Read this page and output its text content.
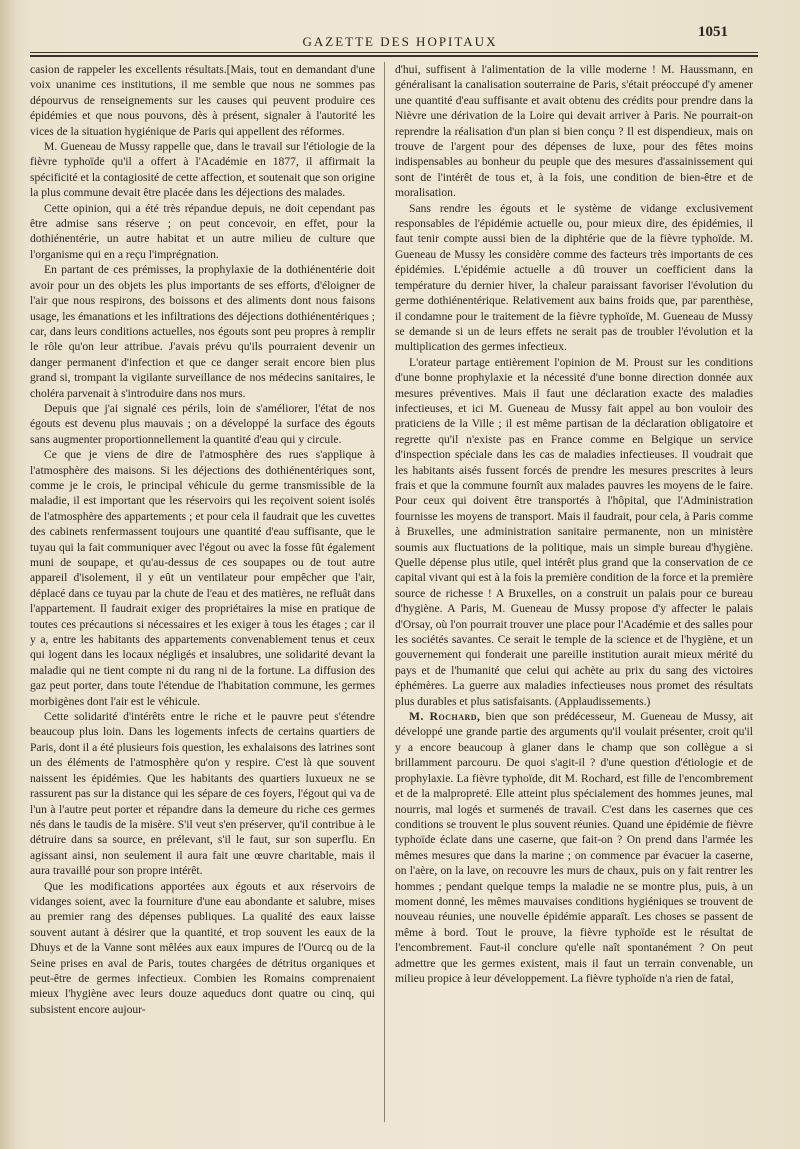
GAZETTE DES HOPITAUX
1051

casion de rappeler les excellents résultats.[Mais, tout en demandant d'une voix unanime ces institutions, il me semble que nous ne sommes pas dépourvus de renseignements sur les causes qui peuvent produire ces épidémies et que nous pouvons, dès à présent, signaler à l'autorité les vices de la situation hygiénique de Paris qui appellent des réformes.

M. Gueneau de Mussy rappelle que, dans le travail sur l'étiologie de la fièvre typhoïde qu'il a offert à l'Académie en 1877, il affirmait la spécificité et la contagiosité de cette affection, et soutenait que son origine la plus commune devait être placée dans les déjections des malades.

Cette opinion, qui a été très répandue depuis, ne doit cependant pas être admise sans réserve ; on peut concevoir, en effet, pour la dothiénentérie, un autre habitat et un autre milieu de culture que l'organisme qui en a reçu l'imprégnation.

En partant de ces prémisses, la prophylaxie de la dothiénentérie doit avoir pour un des objets les plus importants de ses efforts, d'éloigner de l'air que nous respirons, des boissons et des aliments dont nous faisons usage, les émanations et les infiltrations des déjections dothiénentériques ; car, dans leurs conditions actuelles, nos égouts sont peu propres à remplir le rôle qu'on leur attribue. J'avais prévu qu'ils pourraient devenir un danger permanent d'infection et que ce danger serait encore bien plus grand si, trompant la vigilante surveillance de nos médecins sanitaires, le choléra parvenait à s'introduire dans nos murs.

Depuis que j'ai signalé ces périls, loin de s'améliorer, l'état de nos égouts est devenu plus mauvais ; on a développé la surface des égouts sans augmenter proportionnellement la quantité d'eau qui y circule.

Ce que je viens de dire de l'atmosphère des rues s'applique à l'atmosphère des maisons. Si les déjections des dothiénentériques sont, comme je le crois, le principal véhicule du germe transmissible de la maladie, il est important que les réservoirs qui les reçoivent soient isolés de l'atmosphère des appartements ; et pour cela il faudrait que les cuvettes des cabinets renfermassent toujours une quantité d'eau suffisante, que le tuyau qui la fait communiquer avec l'égout ou avec la fosse fût également muni de soupape, et qu'au-dessus de ces soupapes ou de tout autre appareil d'isolement, il y eût un ventilateur pour empêcher que l'air, déplacé dans ce tuyau par la chute de l'eau et des matières, ne refluât dans l'appartement. Il faudrait exiger des propriétaires la mise en pratique de toutes ces précautions si nécessaires et les exiger à tous les étages ; car il y a, entre les habitants des appartements convenablement tenus et ceux qui logent dans les locaux négligés et insalubres, une solidarité devant la maladie qui ne tient compte ni du rang ni de la fortune. La diffusion des gaz peut porter, dans toute l'étendue de l'habitation commune, les germes morbigènes dont l'air est le véhicule.

Cette solidarité d'intérêts entre le riche et le pauvre peut s'étendre beaucoup plus loin. Dans les logements infects de certains quartiers de Paris, dont il a été plusieurs fois question, les exhalaisons des latrines sont un des éléments de l'atmosphère qu'on y respire. C'est là que souvent naissent les épidémies. Que les habitants des quartiers luxueux ne se rassurent pas sur la distance qui les sépare de ces foyers, l'égout qui va de l'un à l'autre peut porter et répandre dans la demeure du riche ces germes nés dans le taudis de la misère. S'il veut s'en préserver, qu'il contribue à le détruire dans sa source, en prélevant, s'il le faut, sur son superflu. En agissant ainsi, non seulement il aura fait une œuvre charitable, mais il aura travaillé pour son propre intérêt.

Que les modifications apportées aux égouts et aux réservoirs de vidanges soient, avec la fourniture d'une eau abondante et salubre, mises au premier rang des dépenses publiques. La qualité des eaux laisse souvent autant à désirer que la quantité, et trop souvent les eaux de la Dhuys et de la Vanne sont mêlées aux eaux impures de l'Ourcq ou de la Seine prises en aval de Paris, toutes chargées de détritus organiques et peut-être de germes infectieux. Combien les Romains comprenaient mieux l'hygiène avec leurs douze aqueducs dont quatre ou cinq, qui subsistent encore aujour-

d'hui, suffisent à l'alimentation de la ville moderne ! M. Haussmann, en généralisant la canalisation souterraine de Paris, s'était préoccupé d'y amener une quantité d'eau suffisante et avait obtenu des crédits pour prendre dans la Nièvre une dérivation de la Loire qui devait arriver à Paris. Ne pourrait-on reprendre la réalisation d'un plan si bien conçu ? Il est dispendieux, mais on trouve de l'argent pour des dépenses de luxe, pour des fêtes moins indispensables au bonheur du peuple que des mesures d'assainissement qui sont de l'intérêt de tous et, à la fois, une condition de bien-être et de moralisation.

Sans rendre les égouts et le système de vidange exclusivement responsables de l'épidémie actuelle ou, pour mieux dire, des épidémies, il faut tenir compte aussi bien de la diphtérie que de la fièvre typhoïde. M. Gueneau de Mussy les considère comme des facteurs très importants de ces épidémies. L'épidémie actuelle a dû trouver un coefficient dans la température du dernier hiver, la chaleur paraissant favoriser l'évolution du germe dothiénentérique. Relativement aux bains froids que, par parenthèse, il condamne pour le traitement de la fièvre typhoïde, M. Gueneau de Mussy se demande si un de leurs effets ne serait pas de troubler l'évolution et la multiplication des germes infectieux.

L'orateur partage entièrement l'opinion de M. Proust sur les conditions d'une bonne prophylaxie et la nécessité d'une bonne direction donnée aux mesures préventives. Mais il faut une déclaration exacte des maladies infectieuses, et ici M. Gueneau de Mussy fait appel au bon vouloir des praticiens de la Ville ; il est même partisan de la déclaration obligatoire et regrette qu'il n'existe pas en France comme en Belgique un service d'inspection spéciale dans les cas de maladies infectieuses. Il voudrait que les habitants aisés fussent forcés de prendre les mesures prescrites à leurs frais et que la commune fournît aux malades pauvres les moyens de le faire. Pour ceux qui doivent être transportés à l'hôpital, que l'Administration fournisse les moyens de transport. Mais il faudrait, pour cela, à Paris comme à Bruxelles, une administration sanitaire permanente, non un ministère soumis aux fluctuations de la politique, mais un simple bureau d'hygiène. Quelle dépense plus utile, quel intérêt plus grand que la conservation de ce capital vivant qui est à la fois la première condition de la force et la première source de richesse ! A Bruxelles, on a construit un palais pour ce bureau d'hygiène. A Paris, M. Gueneau de Mussy propose d'y affecter le palais d'Orsay, où l'on pourrait trouver une place pour l'Académie et des salles pour les sociétés savantes. Ce serait le temple de la science et de l'hygiène, et un gouvernement qui fonderait une pareille institution aurait mieux mérité du pays et de l'humanité que celui qui achète au prix du sang des victoires éphémères. La guerre aux maladies infectieuses nous promet des résultats plus durables et plus satisfaisants. (Applaudissements.)

M. Rochard, bien que son prédécesseur, M. Gueneau de Mussy, ait développé une grande partie des arguments qu'il voulait présenter, croit qu'il y a encore beaucoup à glaner dans le champ que son collègue a si brillamment parcouru. De quoi s'agit-il ? d'une question d'étiologie et de prophylaxie. La fièvre typhoïde, dit M. Rochard, est fille de l'encombrement et de la malpropreté. Elle atteint plus spécialement des hommes jeunes, mal nourris, mal logés et surmenés de travail. C'est dans les casernes que ces conditions se trouvent le plus souvent réunies. Quand une épidémie de fièvre typhoïde éclate dans une caserne, que fait-on ? On prend dans l'armée les mêmes mesures que dans la marine ; on commence par évacuer la caserne, on l'aère, on la lave, on recouvre les murs de chaux, puis on y fait rentrer les hommes ; pendant quelque temps la maladie ne se montre plus, puis, à un moment donné, les mêmes mauvaises conditions hygiéniques se trouvent de nouveau réunies, une nouvelle épidémie apparaît. Les choses se passent de même à bord. Tout le prouve, la fièvre typhoïde est le résultat de l'encombrement. Faut-il conclure qu'elle naît spontanément ? On peut admettre que les germes existent, mais il faut un terrain convenable, un milieu propice à leur développement. La fièvre typhoïde n'a rien de fatal,
